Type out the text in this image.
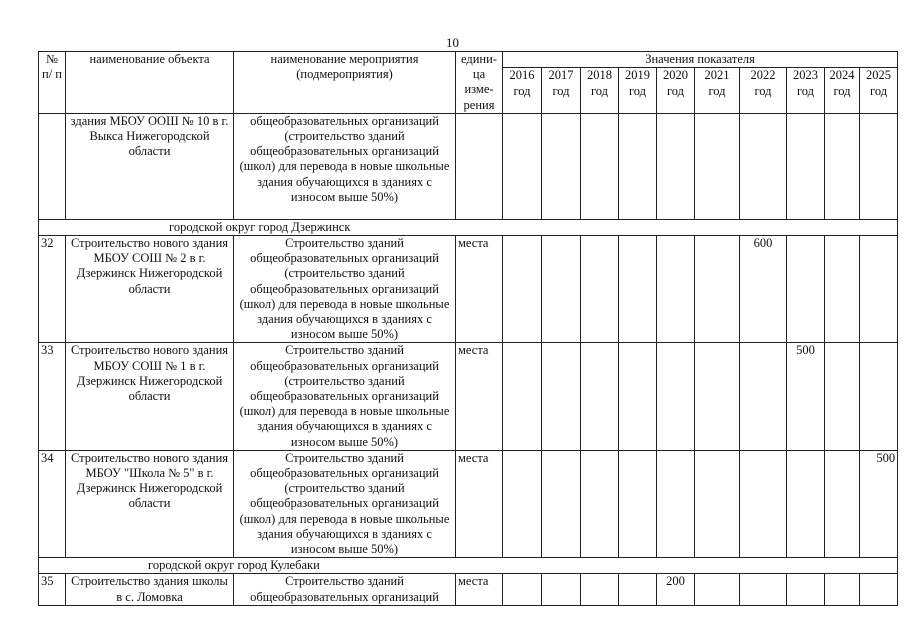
10
№ п/ п	наименование объекта	наименование мероприятия (подмероприятия)	едини-ца изме-рения	Значения показателя									
				2016 год	2017 год	2018 год	2019 год	2020 год	2021 год	2022 год	2023 год	2024 год	2025 год
	здания МБОУ ООШ № 10 в г. Выкса Нижегородской области	общеобразовательных организаций (строительство зданий общеобразовательных организаций (школ) для перевода в новые школьные здания обучающихся в зданиях с износом выше 50%)											
городской округ город Дзержинск													
32	Строительство нового здания МБОУ СОШ № 2 в г. Дзержинск Нижегородской области	Строительство зданий общеобразовательных организаций (строительство зданий общеобразовательных организаций (школ) для перевода в новые школьные здания обучающихся в зданиях с износом выше 50%)	места							600			
33	Строительство нового здания МБОУ СОШ № 1 в г. Дзержинск Нижегородской области	Строительство зданий общеобразовательных организаций (строительство зданий общеобразовательных организаций (школ) для перевода в новые школьные здания обучающихся в зданиях с износом выше 50%)	места								500		
34	Строительство нового здания МБОУ "Школа № 5" в г. Дзержинск Нижегородской области	Строительство зданий общеобразовательных организаций (строительство зданий общеобразовательных организаций (школ) для перевода в новые школьные здания обучающихся в зданиях с износом выше 50%)	места										500
городской округ город Кулебаки													
35	Строительство здания школы в с. Ломовка	Строительство зданий общеобразовательных организаций	места					200					
